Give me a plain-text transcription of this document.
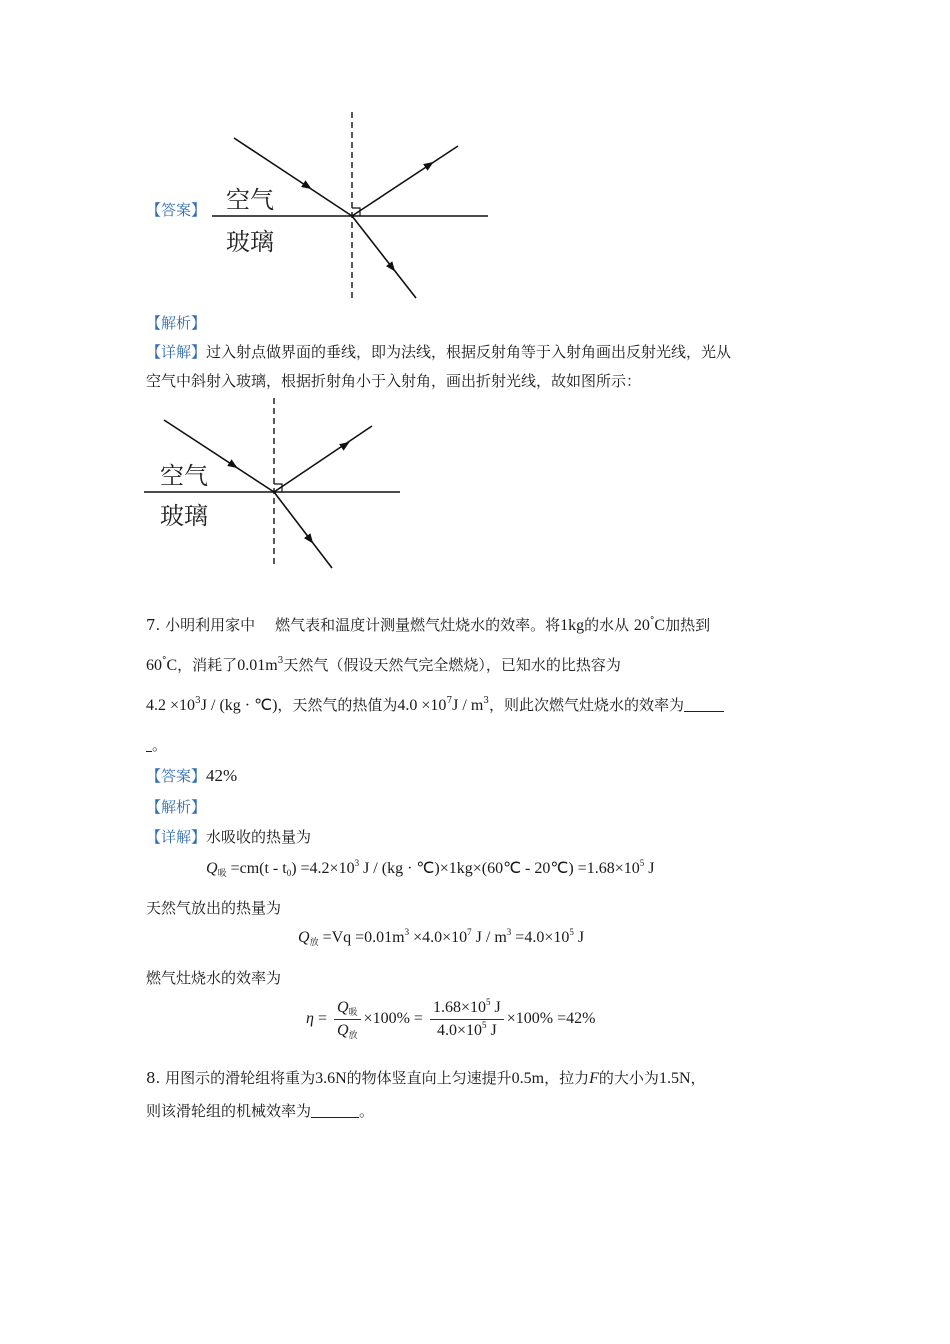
【答案】 空气
玻璃
【解析】
【详解】过入射点做界面的垂线，即为法线，根据反射角等于入射角画出反射光线，光从
空气中斜射入玻璃，根据折射角小于入射角，画出折射光线，故如图所示：
空气
玻璃
7. 小明利用家中 燃气表和温度计测量燃气灶烧水的效率。将1kg的水从 20°C加热到
60°C，消耗了$0.01m^3$天然气（假设天然气完全燃烧），已知水的比热容为
$4.2 \times 10^3J / (kg$ · ℃)，天然气的热值为$4.0 \times 10^7J / m^3$，则此次燃气灶烧水的效率为
。
【答案】42%
【解析】
【详解】水吸收的热量为
$Q_吸 =cm(t - t_0) =4.2\times 10^3$ J / (kg · ℃)×1kg×(60℃ - 20℃) $=1.68\times 10^5$ J
天然气放出的热量为
$Q_放 =Vq =0.01m^3 \times 4.0\times 10^7$ $J / m^3 =4.0\times 10^5$ J
燃气灶烧水的效率为
$\eta = \frac{Q_吸}{Q_放} \times 100\% = \frac{1.68\times 10^5 J}{4.0\times 10^5 J} \times 100\% =42\%$
8. 用图示的滑轮组将重为3.6N的物体竖直向上匀速提升0.5m，拉力F的大小为1.5N，
则该滑轮组的机械效率为	。
